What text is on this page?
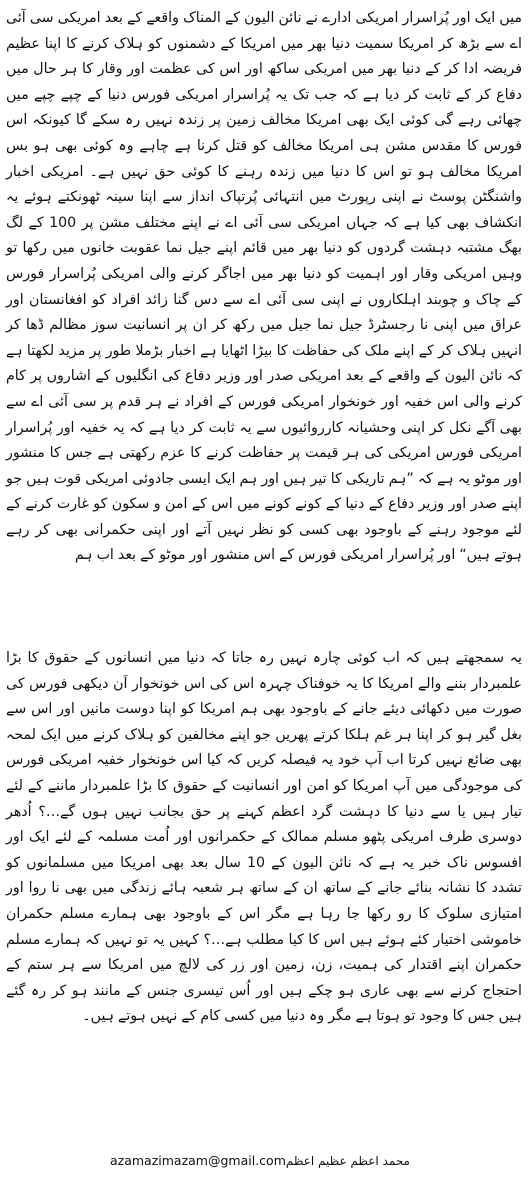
میں ایک اور پُراسرار امریکی ادارے نے نائن الیون کے المناک واقعے کے بعد امریکی سی آئی اے سے بڑھ کر امریکا سمیت دنیا بھر میں امریکا کے دشمنوں کو ہلاک کرنے کا اپنا عظیم فریضہ ادا کر کے دنیا بھر میں امریکی ساکھ اور اس کی عظمت اور وقار کا ہر حال میں دفاع کر کے ثابت کر دیا ہے کہ جب تک یہ پُراسرار امریکی فورس دنیا کے چپے چپے میں چھائی رہے گی کوئی ایک بھی امریکا مخالف زمین پر زندہ نہیں رہ سکے گا کیونکہ اس فورس کا مقدس مشن ہی امریکا مخالف کو قتل کرنا ہے چاہے وہ کوئی بھی ہو بس امریکا مخالف ہو تو اس کا دنیا میں زندہ رہنے کا کوئی حق نہیں ہے۔ امریکی اخبار واشنگٹن پوسٹ نے اپنی رپورٹ میں انتہائی پُرتپاک انداز سے اپنا سینہ ٹھونکتے ہوئے یہ انکشاف بھی کیا ہے کہ جہاں امریکی سی آئی اے نے اپنے مختلف مشن پر 100 کے لگ بھگ مشتبہ دہشت گردوں کو دنیا بھر میں قائم اپنے جیل نما عقوبت خانوں میں رکھا تو وہیں امریکی وقار اور اہمیت کو دنیا بھر میں اجاگر کرنے والی امریکی پُراسرار فورس کے چاک و چوبند اہلکاروں نے اپنی سی آئی اے سے دس گنا زائد افراد کو افغانستان اور عراق میں اپنی نا رجسٹرڈ جیل نما جیل میں رکھ کر ان پر انسانیت سوز مظالم ڈھا کر انہیں ہلاک کر کے اپنے ملک کی حفاظت کا بیڑا اٹھایا ہے اخبار بڑملا طور پر مزید لکھتا ہے کہ نائن الیون کے واقعے کے بعد امریکی صدر اور وزیر دفاع کی انگلیوں کے اشاروں پر کام کرنے والی اس خفیہ اور خونخوار امریکی فورس کے افراد نے ہر قدم پر سی آئی اے سے بھی آگے نکل کر اپنی وحشیانہ کارروائیوں سے یہ ثابت کر دیا ہے کہ یہ خفیہ اور پُراسرار امریکی فورس امریکی کی ہر قیمت پر حفاظت کرنے کا عزم رکھتی ہے جس کا منشور اور موٹو یہ ہے کہ ”ہم تاریکی کا تیر ہیں اور ہم ایک ایسی جادوئی امریکی قوت ہیں جو اپنے صدر اور وزیر دفاع کے دنیا کے کونے کونے میں اس کے امن و سکون کو غارت کرنے کے لئے موجود رہنے کے باوجود بھی کسی کو نظر نہیں آتے اور اپنی حکمرانی بھی کر رہے ہوتے ہیں“ اور پُراسرار امریکی فورس کے اس منشور اور موٹو کے بعد اب ہم

یہ سمجھتے ہیں کہ اب کوئی چارہ نہیں رہ جاتا کہ دنیا میں انسانوں کے حقوق کا بڑا علمبردار بننے والے امریکا کا یہ خوفناک چہرہ اس کی اس خونخوار اَن دیکھی فورس کی صورت میں دکھائی دیئے جانے کے باوجود بھی ہم امریکا کو اپنا دوست مانیں اور اس سے بغل گیر ہو کر اپنا ہر غم ہلکا کرتے پھریں جو اپنے مخالفین کو ہلاک کرنے میں ایک لمحہ بھی ضائع نہیں کرتا اب آپ خود یہ فیصلہ کریں کہ کیا اس خونخوار خفیہ امریکی فورس کی موجودگی میں آپ امریکا کو امن اور انسانیت کے حقوق کا بڑا علمبردار ماننے کے لئے تیار ہیں یا سے دنیا کا دہشت گرد اعظم کہنے پر حق بجانب نہیں ہوں گے…؟ اُدھر دوسری طرف امریکی پٹھو مسلم ممالک کے حکمرانوں اور اُمت مسلمہ کے لئے ایک اور افسوس ناک خبر یہ ہے کہ نائن الیون کے 10 سال بعد بھی امریکا میں مسلمانوں کو تشدد کا نشانہ بنائے جانے کے ساتھ ان کے ساتھ ہر شعبہ ہائے زندگی میں بھی نا روا اور امتیازی سلوک کا رو رکھا جا رہا ہے مگر اس کے باوجود بھی ہمارے مسلم حکمران خاموشی اختیار کئے ہوئے ہیں اس کا کیا مطلب ہے…؟ کہیں یہ تو نہیں کہ ہمارے مسلم حکمران اپنے اقتدار کی ہمیت، زن، زمین اور زر کی لالچ میں امریکا سے ہر ستم کے احتجاج کرنے سے بھی عاری ہو چکے ہیں اور اُس تیسری جنس کے مانند ہو کر رہ گئے ہیں جس کا وجود تو ہوتا ہے مگر وہ دنیا میں کسی کام کے نہیں ہوتے ہیں۔

azamazimazam@gmail.comمحمد اعظم عظیم اعظم
